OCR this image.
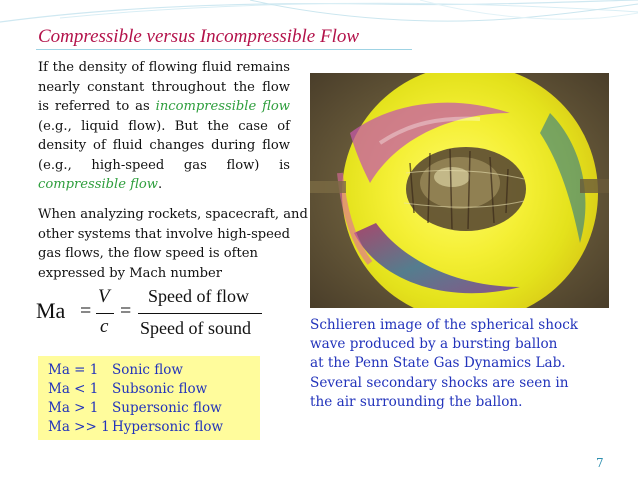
Compressible versus Incompressible Flow
If the density of flowing fluid remains nearly constant throughout the flow is referred to as incompressible flow (e.g., liquid flow). But the case of density of fluid changes during flow (e.g., high-speed gas flow) is compressible flow.
When analyzing rockets, spacecraft, and other systems that involve high-speed gas flows, the flow speed is often expressed by Mach number
Ma =
V
c
=
Speed of flow
Speed of sound
Ma = 1 Sonic flow
Ma < 1 Subsonic flow
Ma > 1 Supersonic flow
Ma >> 1 Hypersonic flow
Schlieren image of the spherical shock
wave produced by a bursting ballon
at the Penn State Gas Dynamics Lab.
Several secondary shocks are seen in
the air surrounding the ballon.
7
